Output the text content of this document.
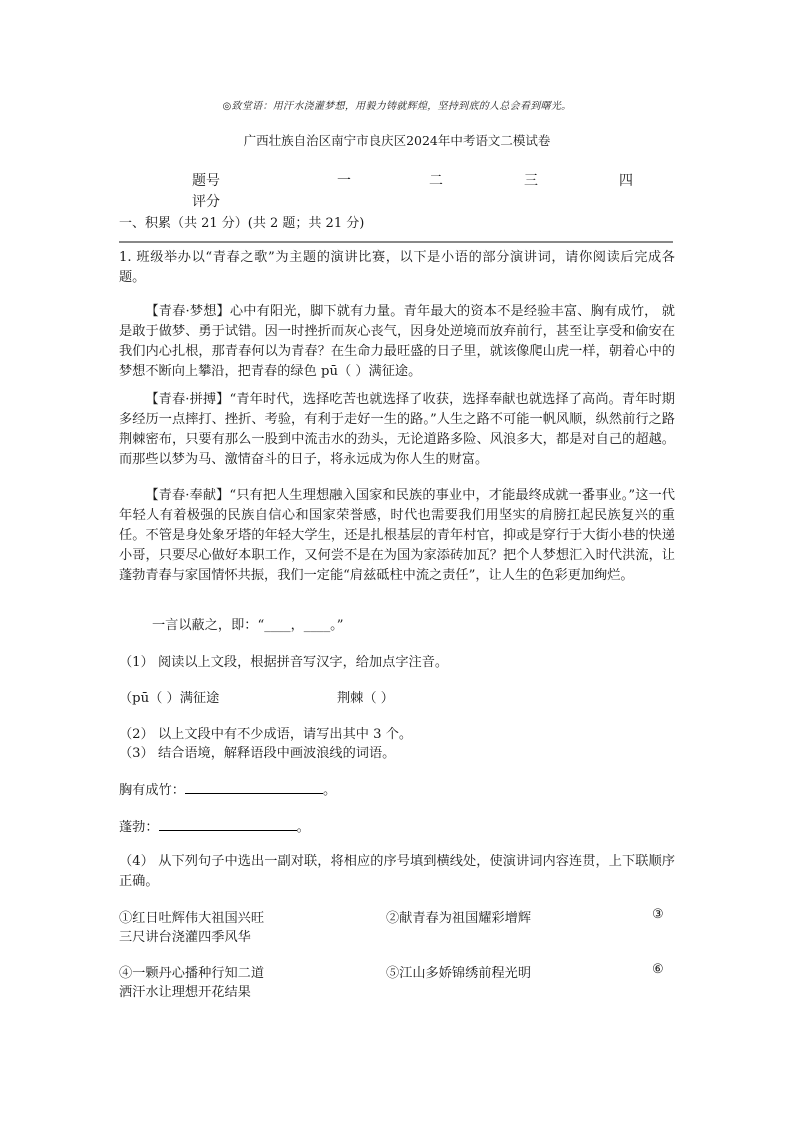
◎致堂语：用汗水浇灌梦想，用毅力铸就辉煌，坚持到底的人总会看到曙光。
广西壮族自治区南宁市良庆区2024年中考语文二模试卷
题号	一	二	三	四
评分
一、积累（共 21 分）(共 2 题；共 21 分)
1. 班级举办以“青春之歌”为主题的演讲比赛，以下是小语的部分演讲词，请你阅读后完成各题。
【青春·梦想】心中有阳光，脚下就有力量。青年最大的资本不是经验丰富、胸有成竹， 就是敢于做梦、勇于试错。因一时挫折而灰心丧气，因身处逆境而放弃前行，甚至让享受和偷安在我们内心扎根，那青春何以为青春？在生命力最旺盛的日子里，就该像爬山虎一样，朝着心中的梦想不断向上攀沿，把青春的绿色 pū（ ）满征途。
【青春·拼搏】“青年时代，选择吃苦也就选择了收获，选择奉献也就选择了高尚。青年时期多经历一点摔打、挫折、考验，有利于走好一生的路。”人生之路不可能一帆风顺，纵然前行之路荆棘密布，只要有那么一股到中流击水的劲头，无论道路多险、风浪多大，都是对自己的超越。而那些以梦为马、激情奋斗的日子，将永远成为你人生的财富。
【青春·奉献】“只有把人生理想融入国家和民族的事业中，才能最终成就一番事业。”这一代年轻人有着极强的民族自信心和国家荣誉感，时代也需要我们用坚实的肩膀扛起民族复兴的重任。不管是身处象牙塔的年轻大学生，还是扎根基层的青年村官，抑或是穿行于大街小巷的快递小哥，只要尽心做好本职工作，又何尝不是在为国为家添砖加瓦？把个人梦想汇入时代洪流，让蓬勃青春与家国情怀共振，我们一定能“肩兹砥柱中流之责任”，让人生的色彩更加绚烂。
一言以蔽之，即：“____，____。”
（1） 阅读以上文段，根据拼音写汉字，给加点字注音。
（pū（ ）满征途	荆棘（ ）
（2） 以上文段中有不少成语，请写出其中 3 个。
（3） 结合语境，解释语段中画波浪线的词语。
胸有成竹：	。
蓬勃：	。
（4） 从下列句子中选出一副对联，将相应的序号填到横线处，使演讲词内容连贯，上下联顺序正确。
①红日吐辉伟大祖国兴旺	②献青春为祖国耀彩增辉	③
三尺讲台浇灌四季风华
④一颗丹心播种行知二道	⑤江山多娇锦绣前程光明	⑥
洒汗水让理想开花结果
